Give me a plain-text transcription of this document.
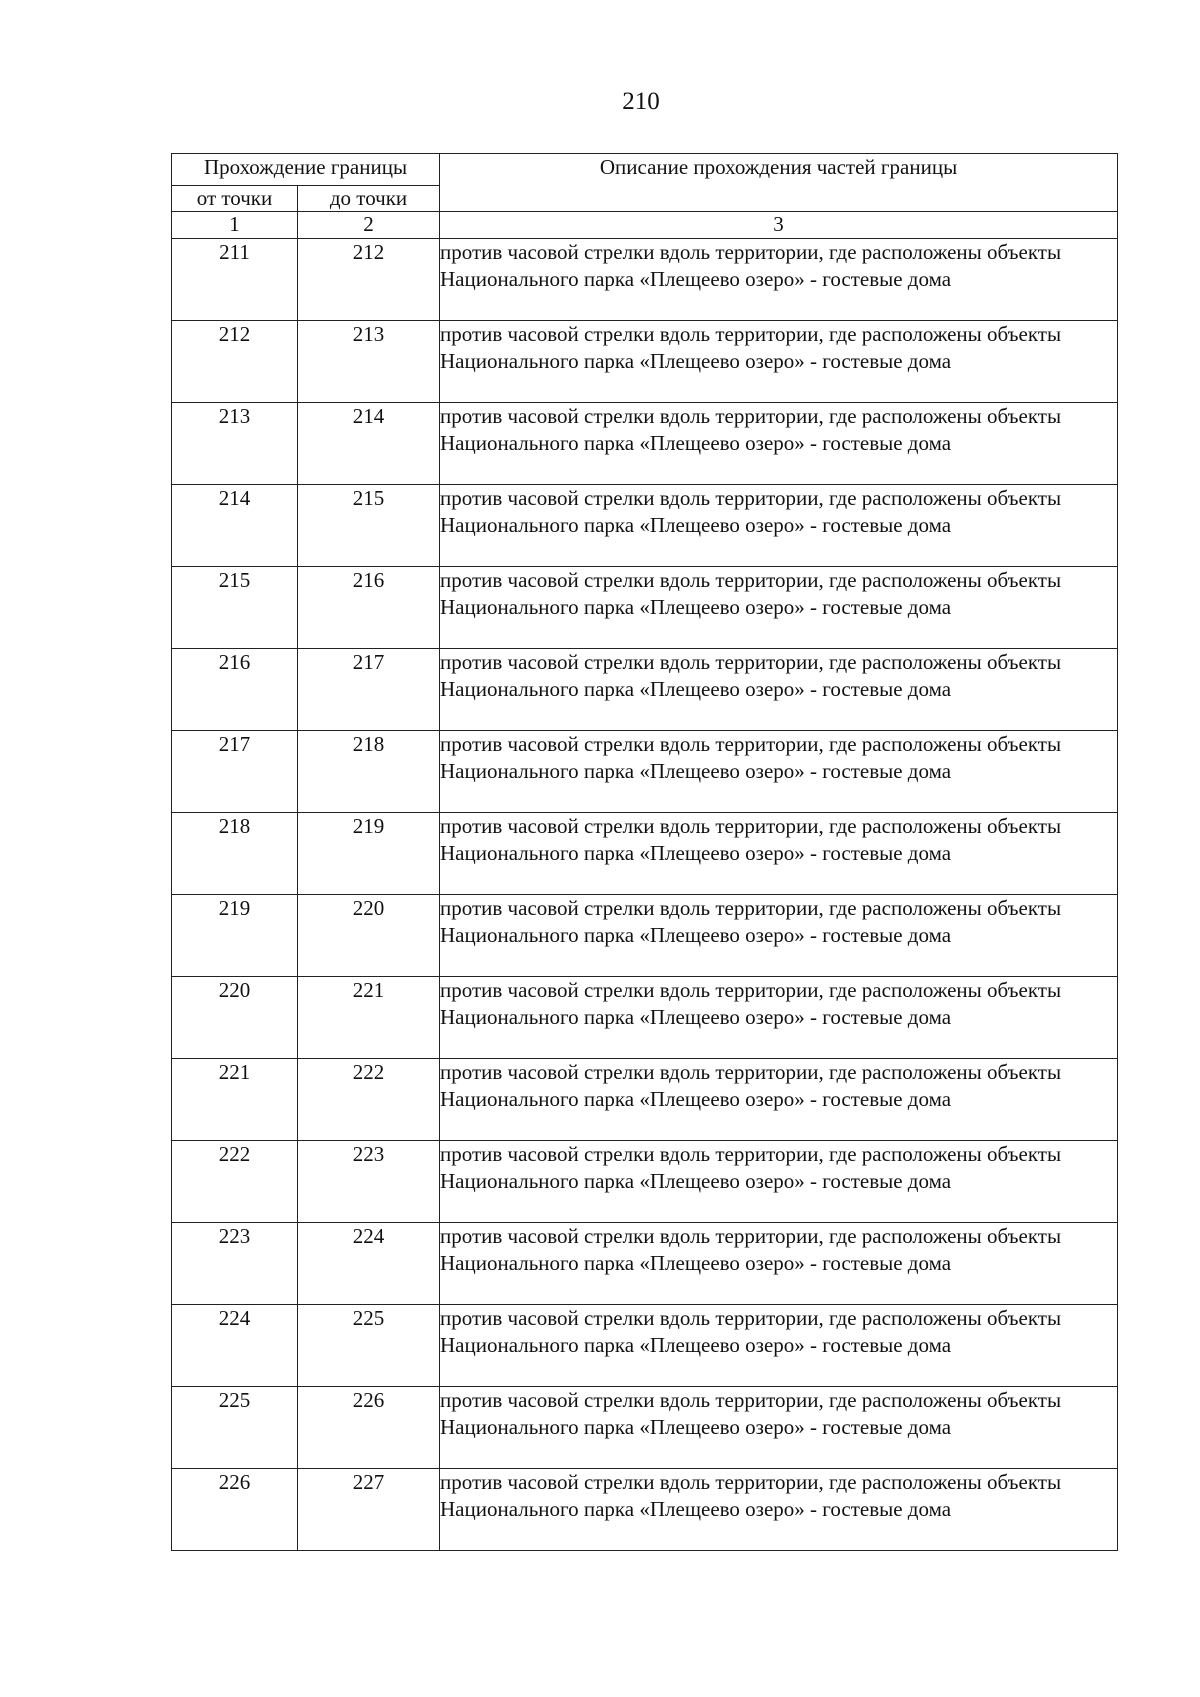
210
Прохождение границы		Описание прохождения частей границы
от точки	до точки	
1	2	3
211	212	против часовой стрелки вдоль территории, где расположены объекты Национального парка «Плещеево озеро» - гостевые дома
212	213	против часовой стрелки вдоль территории, где расположены объекты Национального парка «Плещеево озеро» - гостевые дома
213	214	против часовой стрелки вдоль территории, где расположены объекты Национального парка «Плещеево озеро» - гостевые дома
214	215	против часовой стрелки вдоль территории, где расположены объекты Национального парка «Плещеево озеро» - гостевые дома
215	216	против часовой стрелки вдоль территории, где расположены объекты Национального парка «Плещеево озеро» - гостевые дома
216	217	против часовой стрелки вдоль территории, где расположены объекты Национального парка «Плещеево озеро» - гостевые дома
217	218	против часовой стрелки вдоль территории, где расположены объекты Национального парка «Плещеево озеро» - гостевые дома
218	219	против часовой стрелки вдоль территории, где расположены объекты Национального парка «Плещеево озеро» - гостевые дома
219	220	против часовой стрелки вдоль территории, где расположены объекты Национального парка «Плещеево озеро» - гостевые дома
220	221	против часовой стрелки вдоль территории, где расположены объекты Национального парка «Плещеево озеро» - гостевые дома
221	222	против часовой стрелки вдоль территории, где расположены объекты Национального парка «Плещеево озеро» - гостевые дома
222	223	против часовой стрелки вдоль территории, где расположены объекты Национального парка «Плещеево озеро» - гостевые дома
223	224	против часовой стрелки вдоль территории, где расположены объекты Национального парка «Плещеево озеро» - гостевые дома
224	225	против часовой стрелки вдоль территории, где расположены объекты Национального парка «Плещеево озеро» - гостевые дома
225	226	против часовой стрелки вдоль территории, где расположены объекты Национального парка «Плещеево озеро» - гостевые дома
226	227	против часовой стрелки вдоль территории, где расположены объекты Национального парка «Плещеево озеро» - гостевые дома
